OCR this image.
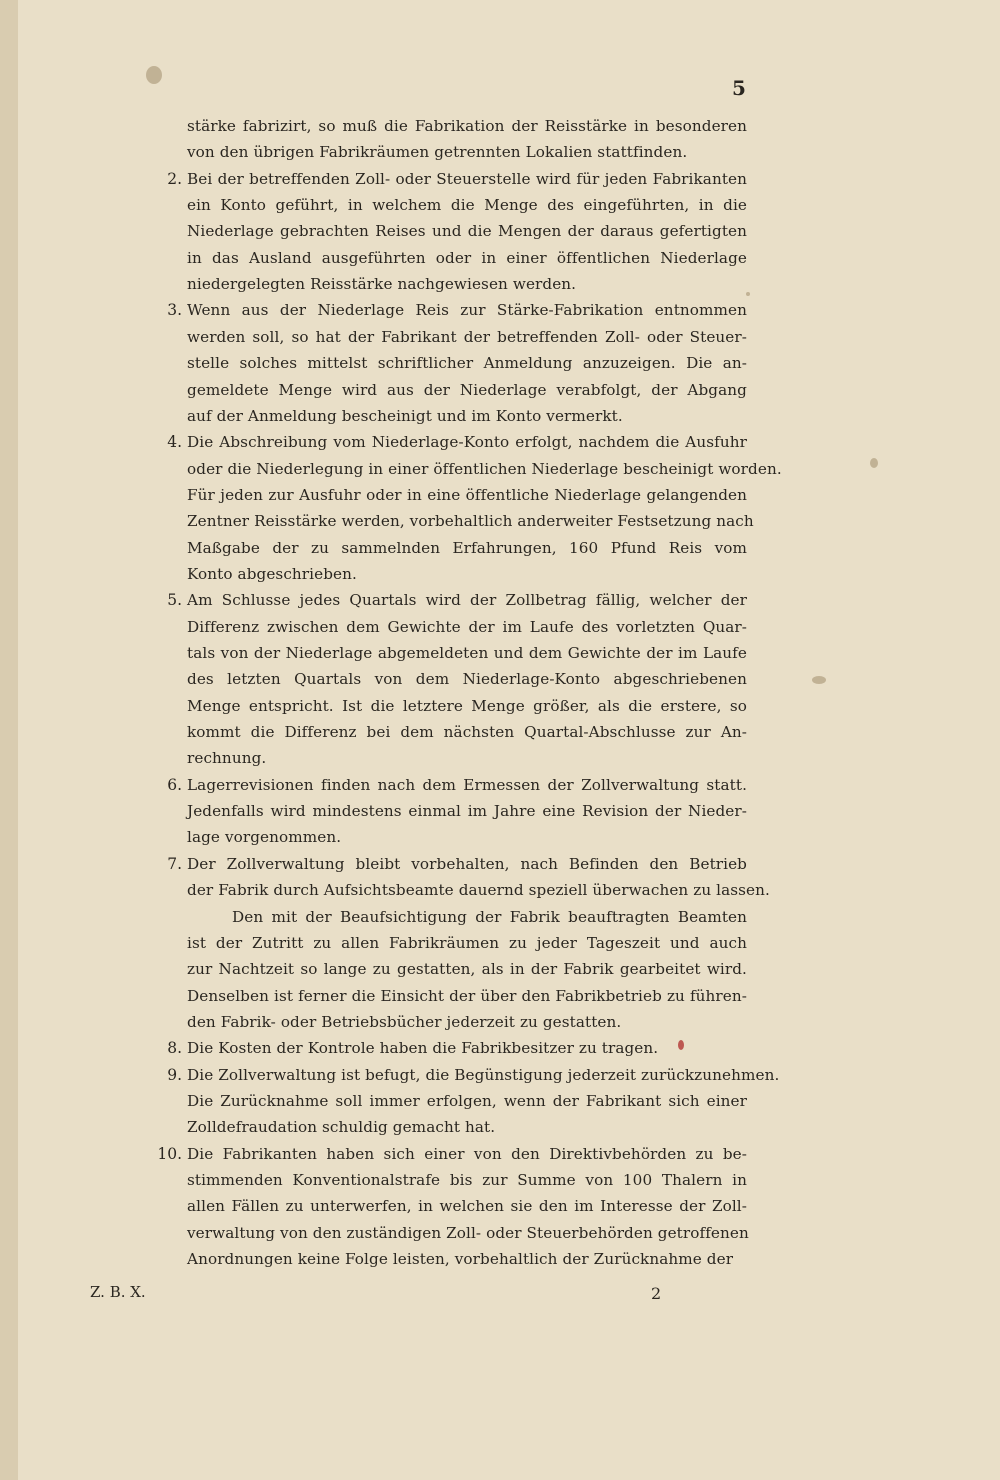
5
stärke fabrizirt, so muß die Fabrikation der Reisstärke in besonderen
von den übrigen Fabrikräumen getrennten Lokalien stattfinden.
2. Bei der betreffenden Zoll- oder Steuerstelle wird für jeden Fabrikanten
ein Konto geführt, in welchem die Menge des eingeführten, in die
Niederlage gebrachten Reises und die Mengen der daraus gefertigten
in das Ausland ausgeführten oder in einer öffentlichen Niederlage
niedergelegten Reisstärke nachgewiesen werden.
3. Wenn aus der Niederlage Reis zur Stärke-Fabrikation entnommen
werden soll, so hat der Fabrikant der betreffenden Zoll- oder Steuer-
stelle solches mittelst schriftlicher Anmeldung anzuzeigen. Die an-
gemeldete Menge wird aus der Niederlage verabfolgt, der Abgang
auf der Anmeldung bescheinigt und im Konto vermerkt.
4. Die Abschreibung vom Niederlage-Konto erfolgt, nachdem die Ausfuhr
oder die Niederlegung in einer öffentlichen Niederlage bescheinigt worden.
Für jeden zur Ausfuhr oder in eine öffentliche Niederlage gelangenden
Zentner Reisstärke werden, vorbehaltlich anderweiter Festsetzung nach
Maßgabe der zu sammelnden Erfahrungen, 160 Pfund Reis vom
Konto abgeschrieben.
5. Am Schlusse jedes Quartals wird der Zollbetrag fällig, welcher der
Differenz zwischen dem Gewichte der im Laufe des vorletzten Quar-
tals von der Niederlage abgemeldeten und dem Gewichte der im Laufe
des letzten Quartals von dem Niederlage-Konto abgeschriebenen
Menge entspricht. Ist die letztere Menge größer, als die erstere, so
kommt die Differenz bei dem nächsten Quartal-Abschlusse zur An-
rechnung.
6. Lagerrevisionen finden nach dem Ermessen der Zollverwaltung statt.
Jedenfalls wird mindestens einmal im Jahre eine Revision der Nieder-
lage vorgenommen.
7. Der Zollverwaltung bleibt vorbehalten, nach Befinden den Betrieb
der Fabrik durch Aufsichtsbeamte dauernd speziell überwachen zu lassen.
Den mit der Beaufsichtigung der Fabrik beauftragten Beamten
ist der Zutritt zu allen Fabrikräumen zu jeder Tageszeit und auch
zur Nachtzeit so lange zu gestatten, als in der Fabrik gearbeitet wird.
Denselben ist ferner die Einsicht der über den Fabrikbetrieb zu führen-
den Fabrik- oder Betriebsbücher jederzeit zu gestatten.
8. Die Kosten der Kontrole haben die Fabrikbesitzer zu tragen.
9. Die Zollverwaltung ist befugt, die Begünstigung jederzeit zurückzunehmen.
Die Zurücknahme soll immer erfolgen, wenn der Fabrikant sich einer
Zolldefraudation schuldig gemacht hat.
10. Die Fabrikanten haben sich einer von den Direktivbehörden zu be-
stimmenden Konventionalstrafe bis zur Summe von 100 Thalern in
allen Fällen zu unterwerfen, in welchen sie den im Interesse der Zoll-
verwaltung von den zuständigen Zoll- oder Steuerbehörden getroffenen
Anordnungen keine Folge leisten, vorbehaltlich der Zurücknahme der
Z. B. X.	2
